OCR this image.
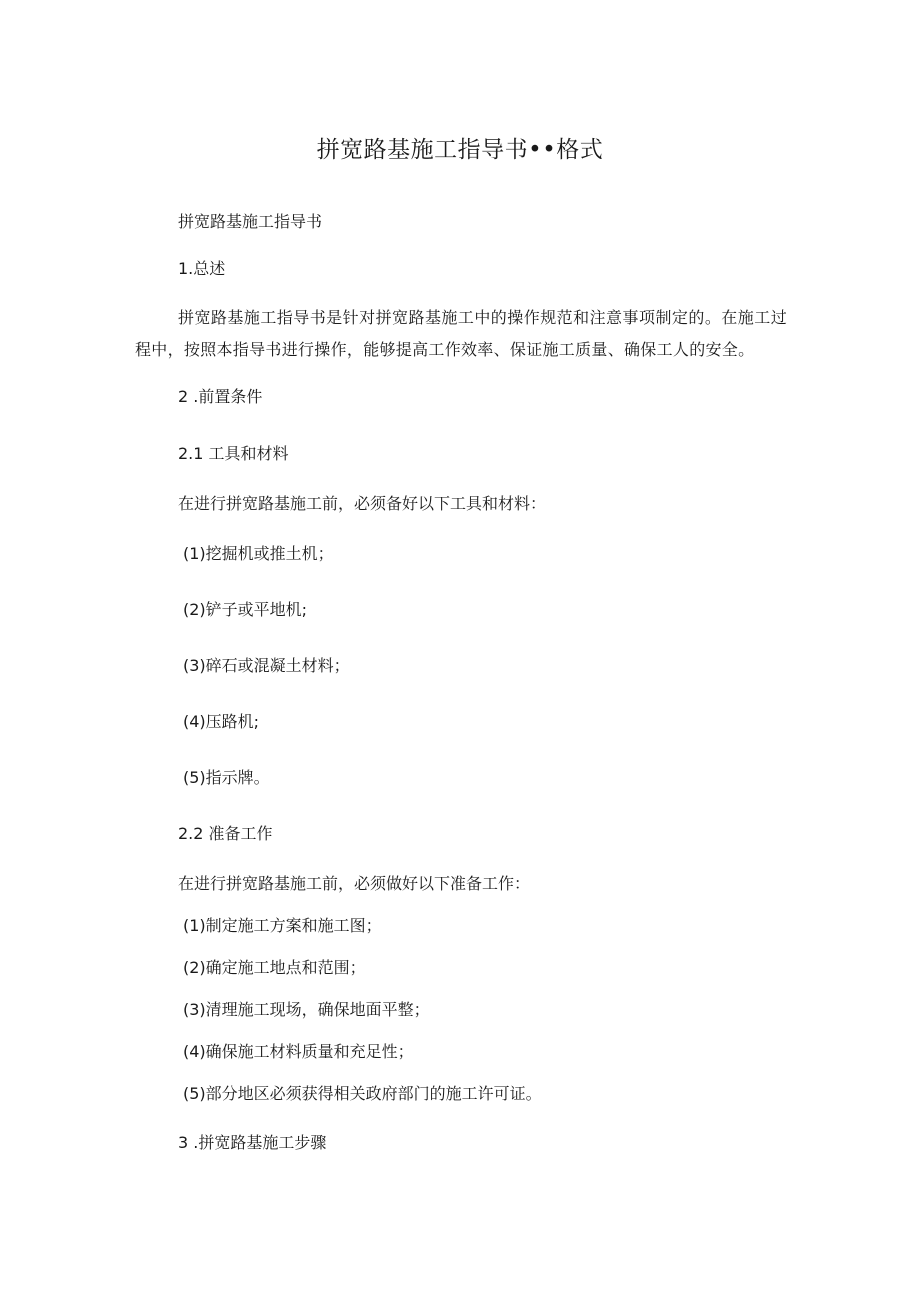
拼宽路基施工指导书••格式
拼宽路基施工指导书
1.总述
拼宽路基施工指导书是针对拼宽路基施工中的操作规范和注意事项制定的。在施工过程中，按照本指导书进行操作，能够提高工作效率、保证施工质量、确保工人的安全。
2 .前置条件
2.1 工具和材料
在进行拼宽路基施工前，必须备好以下工具和材料：
(1)挖掘机或推土机；
(2)铲子或平地机;
(3)碎石或混凝土材料；
(4)压路机;
(5)指示牌。
2.2 准备工作
在进行拼宽路基施工前，必须做好以下准备工作：
(1)制定施工方案和施工图；
(2)确定施工地点和范围；
(3)清理施工现场，确保地面平整；
(4)确保施工材料质量和充足性；
(5)部分地区必须获得相关政府部门的施工许可证。
3 .拼宽路基施工步骤
